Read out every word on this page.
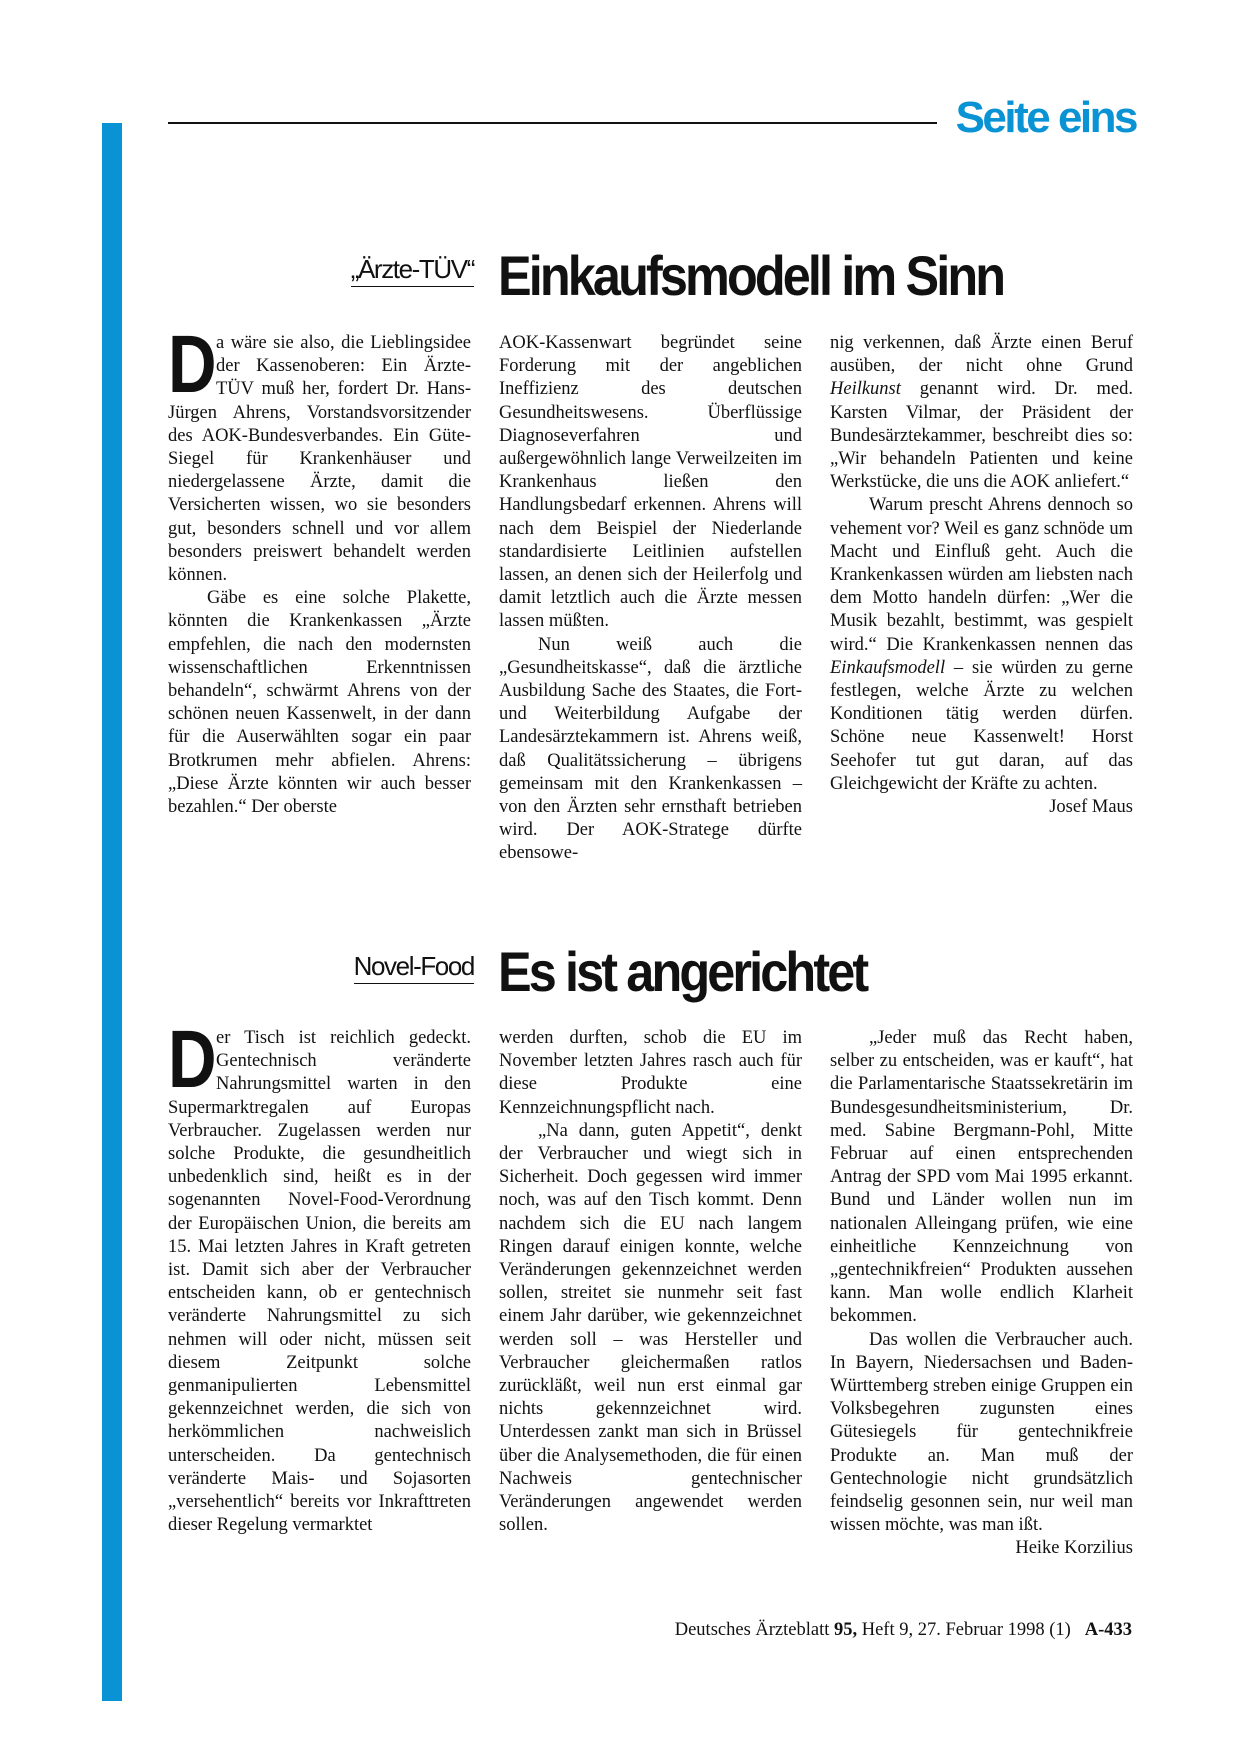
Seite eins
„Ärzte-TÜV“ Einkaufsmodell im Sinn

Da wäre sie also, die Lieblingsidee der Kassenoberen: Ein Ärzte-TÜV muß her, fordert Dr. Hans-Jürgen Ahrens, Vorstandsvorsitzender des AOK-Bundesverbandes. Ein Güte-Siegel für Krankenhäuser und niedergelassene Ärzte, damit die Versicherten wissen, wo sie besonders gut, besonders schnell und vor allem besonders preiswert behandelt werden können.

Gäbe es eine solche Plakette, könnten die Krankenkassen „Ärzte empfehlen, die nach den modernsten wissenschaftlichen Erkenntnissen behandeln“, schwärmt Ahrens von der schönen neuen Kassenwelt, in der dann für die Auserwählten sogar ein paar Brotkrumen mehr abfielen. Ahrens: „Diese Ärzte könnten wir auch besser bezahlen.“ Der oberste

AOK-Kassenwart begründet seine Forderung mit der angeblichen Ineffizienz des deutschen Gesundheitswesens. Überflüssige Diagnoseverfahren und außergewöhnlich lange Verweilzeiten im Krankenhaus ließen den Handlungsbedarf erkennen. Ahrens will nach dem Beispiel der Niederlande standardisierte Leitlinien aufstellen lassen, an denen sich der Heilerfolg und damit letztlich auch die Ärzte messen lassen müßten.

Nun weiß auch die „Gesundheitskasse“, daß die ärztliche Ausbildung Sache des Staates, die Fort- und Weiterbildung Aufgabe der Landesärztekammern ist. Ahrens weiß, daß Qualitätssicherung – übrigens gemeinsam mit den Krankenkassen – von den Ärzten sehr ernsthaft betrieben wird. Der AOK-Stratege dürfte ebensowe-

nig verkennen, daß Ärzte einen Beruf ausüben, der nicht ohne Grund Heilkunst genannt wird. Dr. med. Karsten Vilmar, der Präsident der Bundesärztekammer, beschreibt dies so: „Wir behandeln Patienten und keine Werkstücke, die uns die AOK anliefert.“

Warum prescht Ahrens dennoch so vehement vor? Weil es ganz schnöde um Macht und Einfluß geht. Auch die Krankenkassen würden am liebsten nach dem Motto handeln dürfen: „Wer die Musik bezahlt, bestimmt, was gespielt wird.“ Die Krankenkassen nennen das Einkaufsmodell – sie würden zu gerne festlegen, welche Ärzte zu welchen Konditionen tätig werden dürfen. Schöne neue Kassenwelt! Horst Seehofer tut gut daran, auf das Gleichgewicht der Kräfte zu achten.
Josef Maus

Novel-Food Es ist angerichtet

Der Tisch ist reichlich gedeckt. Gentechnisch veränderte Nahrungsmittel warten in den Supermarktregalen auf Europas Verbraucher. Zugelassen werden nur solche Produkte, die gesundheitlich unbedenklich sind, heißt es in der sogenannten Novel-Food-Verordnung der Europäischen Union, die bereits am 15. Mai letzten Jahres in Kraft getreten ist. Damit sich aber der Verbraucher entscheiden kann, ob er gentechnisch veränderte Nahrungsmittel zu sich nehmen will oder nicht, müssen seit diesem Zeitpunkt solche genmanipulierten Lebensmittel gekennzeichnet werden, die sich von herkömmlichen nachweislich unterscheiden. Da gentechnisch veränderte Mais- und Sojasorten „versehentlich“ bereits vor Inkrafttreten dieser Regelung vermarktet

werden durften, schob die EU im November letzten Jahres rasch auch für diese Produkte eine Kennzeichnungspflicht nach.

„Na dann, guten Appetit“, denkt der Verbraucher und wiegt sich in Sicherheit. Doch gegessen wird immer noch, was auf den Tisch kommt. Denn nachdem sich die EU nach langem Ringen darauf einigen konnte, welche Veränderungen gekennzeichnet werden sollen, streitet sie nunmehr seit fast einem Jahr darüber, wie gekennzeichnet werden soll – was Hersteller und Verbraucher gleichermaßen ratlos zurückläßt, weil nun erst einmal gar nichts gekennzeichnet wird. Unterdessen zankt man sich in Brüssel über die Analysemethoden, die für einen Nachweis gentechnischer Veränderungen angewendet werden sollen.

„Jeder muß das Recht haben, selber zu entscheiden, was er kauft“, hat die Parlamentarische Staatssekretärin im Bundesgesundheitsministerium, Dr. med. Sabine Bergmann-Pohl, Mitte Februar auf einen entsprechenden Antrag der SPD vom Mai 1995 erkannt. Bund und Länder wollen nun im nationalen Alleingang prüfen, wie eine einheitliche Kennzeichnung von „gentechnikfreien“ Produkten aussehen kann. Man wolle endlich Klarheit bekommen.

Das wollen die Verbraucher auch. In Bayern, Niedersachsen und Baden-Württemberg streben einige Gruppen ein Volksbegehren zugunsten eines Gütesiegels für gentechnikfreie Produkte an. Man muß der Gentechnologie nicht grundsätzlich feindselig gesonnen sein, nur weil man wissen möchte, was man ißt.
Heike Korzilius

Deutsches Ärzteblatt 95, Heft 9, 27. Februar 1998 (1) A-433
